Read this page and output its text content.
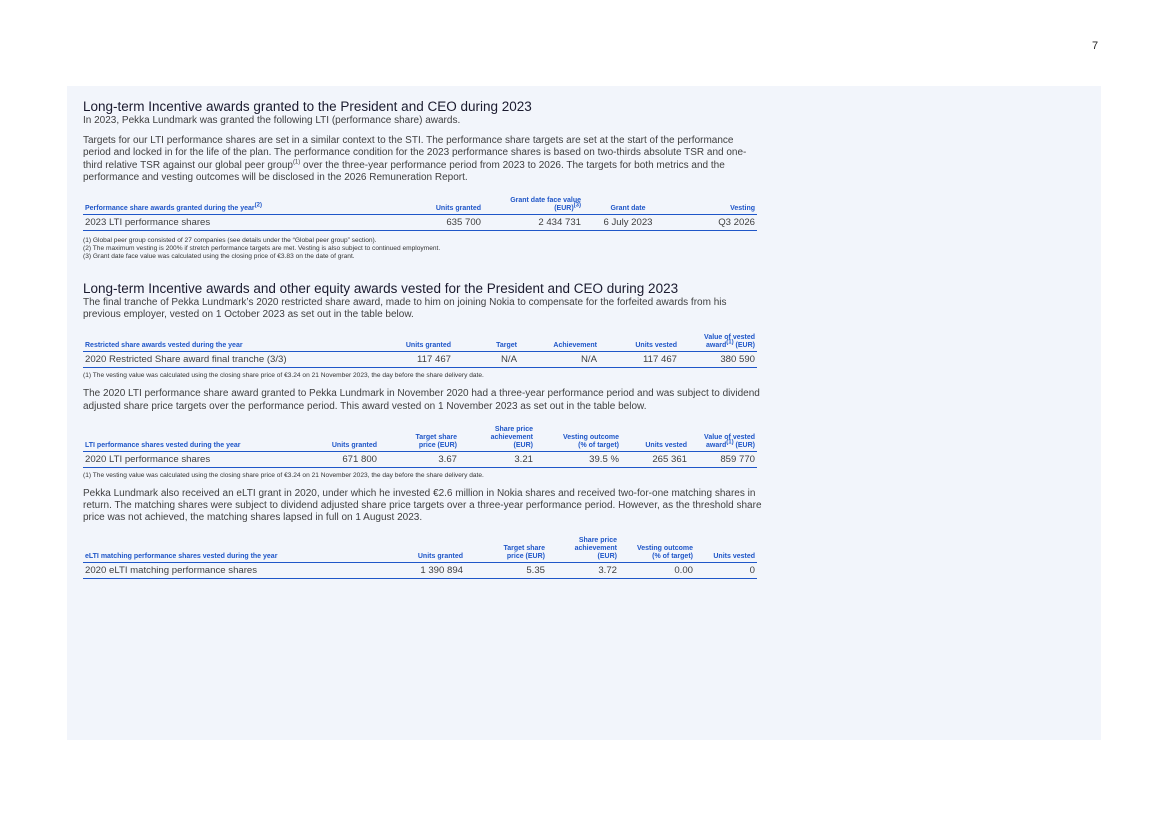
7
Long-term Incentive awards granted to the President and CEO during 2023

In 2023, Pekka Lundmark was granted the following LTI (performance share) awards.

Targets for our LTI performance shares are set in a similar context to the STI. The performance share targets are set at the start of the performance period and locked in for the life of the plan. The performance condition for the 2023 performance shares is based on two-thirds absolute TSR and one-third relative TSR against our global peer group$^{(1)}$ over the three-year performance period from 2023 to 2026. The targets for both metrics and the performance and vesting outcomes will be disclosed in the 2026 Remuneration Report.

Performance share awards granted during the year$^{(2)}$	Units granted	Grant date face value
(EUR)$^{(3)}$	Grant date	Vesting
2023 LTI performance shares	635 700	2 434 731	6 July 2023	Q3 2026

(1) Global peer group consisted of 27 companies (see details under the “Global peer group” section).

(2) The maximum vesting is 200% if stretch performance targets are met. Vesting is also subject to continued employment.

(3) Grant date face value was calculated using the closing price of €3.83 on the date of grant.

Long-term Incentive awards and other equity awards vested for the President and CEO during 2023

The final tranche of Pekka Lundmark’s 2020 restricted share award, made to him on joining Nokia to compensate for the forfeited awards from his previous employer, vested on 1 October 2023 as set out in the table below.

Restricted share awards vested during the year	Units granted	Target	Achievement	Units vested	Value of vested
award$^{(1)}$ (EUR)
2020 Restricted Share award final tranche (3/3)	117 467	N/A	N/A	117 467	380 590

(1) The vesting value was calculated using the closing share price of €3.24 on 21 November 2023, the day before the share delivery date.

The 2020 LTI performance share award granted to Pekka Lundmark in November 2020 had a three-year performance period and was subject to dividend adjusted share price targets over the performance period. This award vested on 1 November 2023 as set out in the table below.

LTI performance shares vested during the year	Units granted	Target share
price (EUR)	Share price
achievement
(EUR)	Vesting outcome
(% of target)	Units vested	Value of vested
award$^{(1)}$ (EUR)
2020 LTI performance shares	671 800	3.67	3.21	39.5 %	265 361	859 770

(1) The vesting value was calculated using the closing share price of €3.24 on 21 November 2023, the day before the share delivery date.

Pekka Lundmark also received an eLTI grant in 2020, under which he invested €2.6 million in Nokia shares and received two-for-one matching shares in return. The matching shares were subject to dividend adjusted share price targets over a three-year performance period. However, as the threshold share price was not achieved, the matching shares lapsed in full on 1 August 2023.

eLTI matching performance shares vested during the year	Units granted	Target share
price (EUR)	Share price
achievement
(EUR)	Vesting outcome
(% of target)	Units vested
2020 eLTI matching performance shares	1 390 894	5.35	3.72	0.00	0
